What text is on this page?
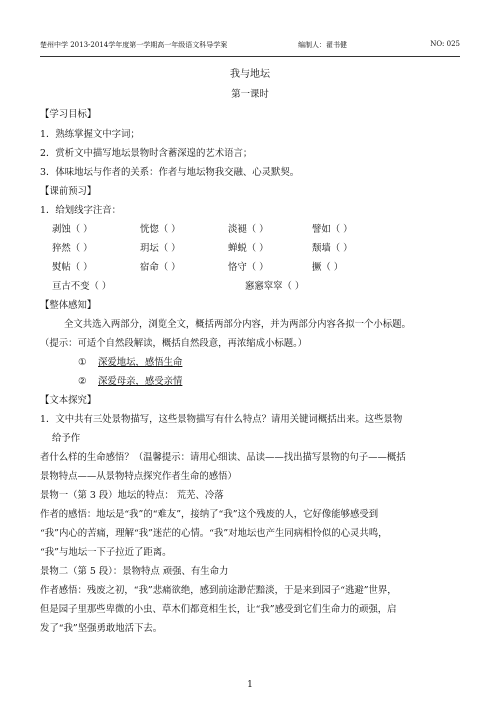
楚州中学 2013-2014学年度第一学期高一年级语文科导学案	编制人：翟书健	NO: 025
我与地坛
第一课时
【学习目标】
1．熟练掌握文中字词；
2．赏析文中描写地坛景物时含蓄深遑的艺术语言；
3．体味地坛与作者的关系：作者与地坛物我交融、心灵默契。
【课前预习】
1．给划线字注音：
剥蚀（ ）	恍惚（ ）	淡褪（ ）	譬如（ ）
猝然（ ）	玥坛（ ）	蝉蜕（ ）	颓墙（ ）
熨帖（ ）	宿命（ ）	恪守（ ）	撅（ ）
亘古不变（ ）	窸窸窣窣（ ）
【整体感知】
全文共选入两部分，浏览全文，概括两部分内容，并为两部分内容各拟一个小标题。
（提示：可适个自然段解读，概括自然段意，再浓缩成小标题。）
① 深爱地坛，感悟生命
② 深爱母亲，感受亲情
【文本探究】
1．文中共有三处景物描写，这些景物描写有什么特点？请用关键词概括出来。这些景物
给予作
者什么样的生命感悟？（温馨提示：请用心细读、品读——找出描写景物的句子——概括
景物特点——从景物特点探究作者生命的感悟）
景物一（第 3 段）地坛的特点： 荒芜、冷落
作者的感悟：地坛是“我”的“难友”，接纳了“我”这个残废的人，它好像能够感受到
“我”内心的苦痛，理解“我”迷茫的心情。“我”对地坛也产生同病相怜似的心灵共鸣，
“我”与地坛一下子拉近了距离。
景物二（第 5 段）：景物特点 顽强、有生命力
作者感悟：残废之初，“我”悲痛欲绝，感到前途渺茫黯淡，于是来到园子“逃避”世界，
但是园子里那些卑微的小虫、草木们都竟相生长，让“我”感受到它们生命力的顽强，启
发了“我”坚强勇敢地活下去。
1
